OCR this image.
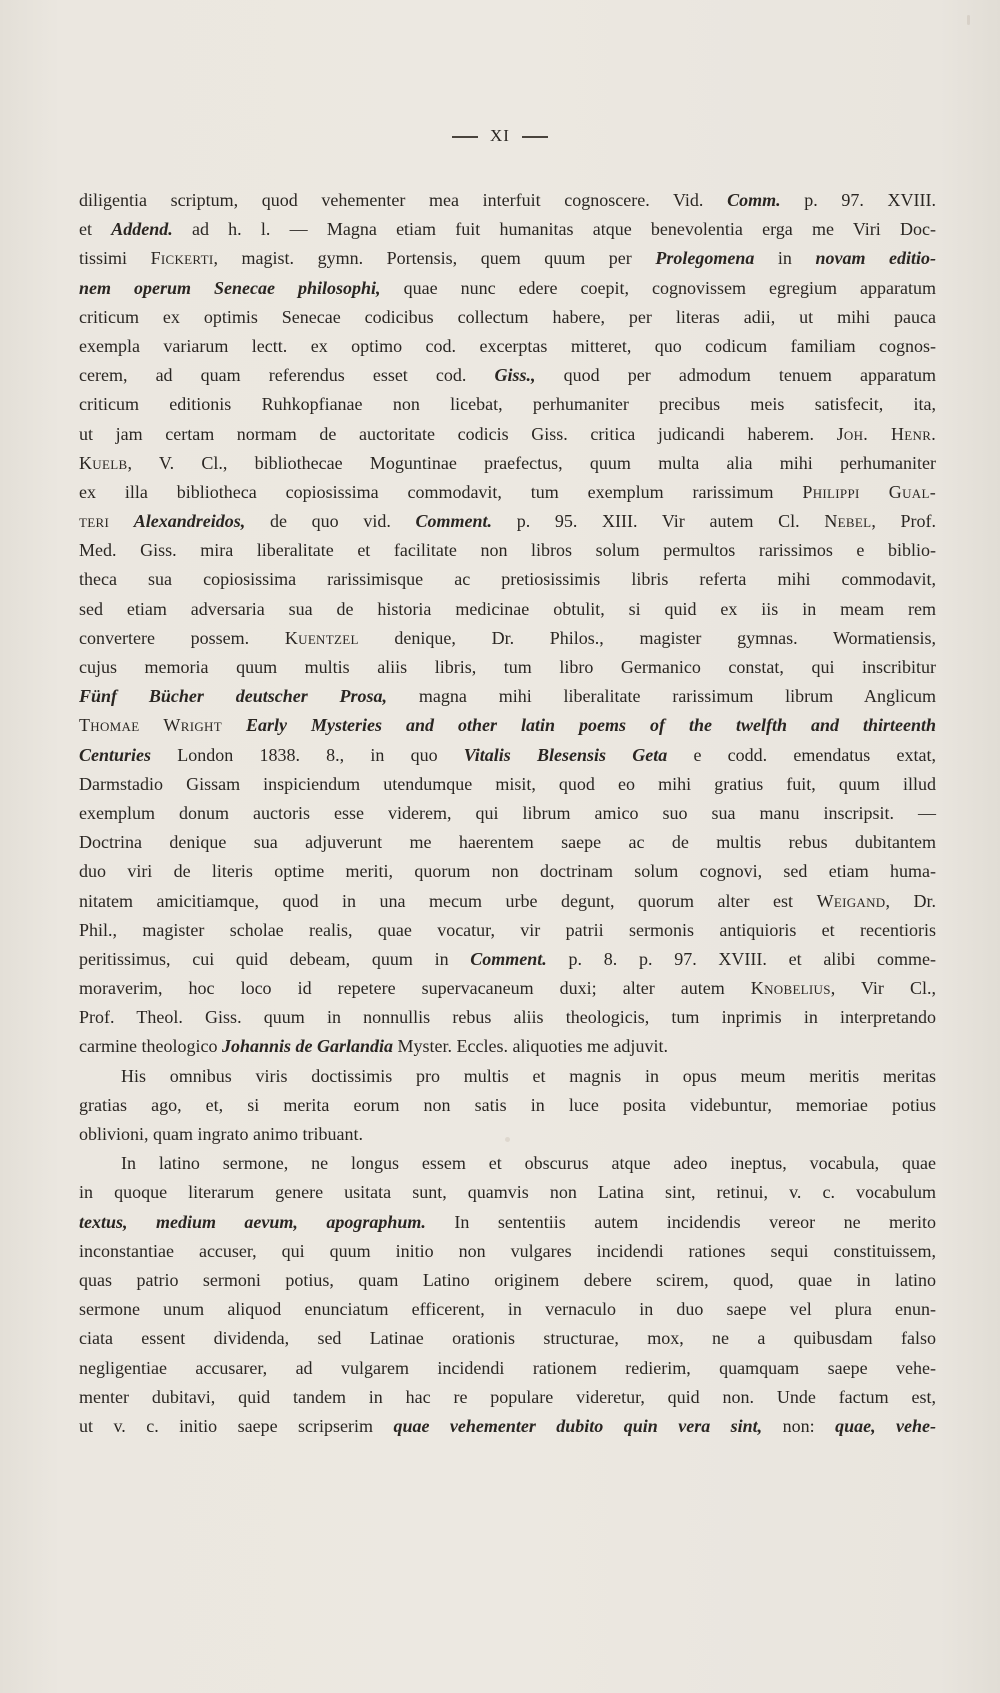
XI
diligentia scriptum, quod vehementer mea interfuit cognoscere. Vid. Comm. p. 97. XVIII.
et Addend. ad h. l. — Magna etiam fuit humanitas atque benevolentia erga me Viri Doc-
tissimi Fickerti, magist. gymn. Portensis, quem quum per Prolegomena in novam editio-
nem operum Senecae philosophi, quae nunc edere coepit, cognovissem egregium apparatum
criticum ex optimis Senecae codicibus collectum habere, per literas adii, ut mihi pauca
exempla variarum lectt. ex optimo cod. excerptas mitteret, quo codicum familiam cognos-
cerem, ad quam referendus esset cod. Giss., quod per admodum tenuem apparatum
criticum editionis Ruhkopfianae non licebat, perhumaniter precibus meis satisfecit, ita,
ut jam certam normam de auctoritate codicis Giss. critica judicandi haberem. Joh. Henr.
Kuelb, V. Cl., bibliothecae Moguntinae praefectus, quum multa alia mihi perhumaniter
ex illa bibliotheca copiosissima commodavit, tum exemplum rarissimum Philippi Gual-
teri Alexandreidos, de quo vid. Comment. p. 95. XIII. Vir autem Cl. Nebel, Prof.
Med. Giss. mira liberalitate et facilitate non libros solum permultos rarissimos e biblio-
theca sua copiosissima rarissimisque ac pretiosissimis libris referta mihi commodavit,
sed etiam adversaria sua de historia medicinae obtulit, si quid ex iis in meam rem
convertere possem. Kuentzel denique, Dr. Philos., magister gymnas. Wormatiensis,
cujus memoria quum multis aliis libris, tum libro Germanico constat, qui inscribitur
Fünf Bücher deutscher Prosa, magna mihi liberalitate rarissimum librum Anglicum
Thomae Wright Early Mysteries and other latin poems of the twelfth and thirteenth
Centuries London 1838. 8., in quo Vitalis Blesensis Geta e codd. emendatus extat,
Darmstadio Gissam inspiciendum utendumque misit, quod eo mihi gratius fuit, quum illud
exemplum donum auctoris esse viderem, qui librum amico suo sua manu inscripsit. —
Doctrina denique sua adjuverunt me haerentem saepe ac de multis rebus dubitantem
duo viri de literis optime meriti, quorum non doctrinam solum cognovi, sed etiam huma-
nitatem amicitiamque, quod in una mecum urbe degunt, quorum alter est Weigand, Dr.
Phil., magister scholae realis, quae vocatur, vir patrii sermonis antiquioris et recentioris
peritissimus, cui quid debeam, quum in Comment. p. 8. p. 97. XVIII. et alibi comme-
moraverim, hoc loco id repetere supervacaneum duxi; alter autem Knobelius, Vir Cl.,
Prof. Theol. Giss. quum in nonnullis rebus aliis theologicis, tum inprimis in interpretando
carmine theologico Johannis de Garlandia Myster. Eccles. aliquoties me adjuvit.
His omnibus viris doctissimis pro multis et magnis in opus meum meritis meritas
gratias ago, et, si merita eorum non satis in luce posita videbuntur, memoriae potius
oblivioni, quam ingrato animo tribuant.
In latino sermone, ne longus essem et obscurus atque adeo ineptus, vocabula, quae
in quoque literarum genere usitata sunt, quamvis non Latina sint, retinui, v. c. vocabulum
textus, medium aevum, apographum. In sententiis autem incidendis vereor ne merito
inconstantiae accuser, qui quum initio non vulgares incidendi rationes sequi constituissem,
quas patrio sermoni potius, quam Latino originem debere scirem, quod, quae in latino
sermone unum aliquod enunciatum efficerent, in vernaculo in duo saepe vel plura enun-
ciata essent dividenda, sed Latinae orationis structurae, mox, ne a quibusdam falso
negligentiae accusarer, ad vulgarem incidendi rationem redierim, quamquam saepe vehe-
menter dubitavi, quid tandem in hac re populare videretur, quid non. Unde factum est,
ut v. c. initio saepe scripserim quae vehementer dubito quin vera sint, non: quae, vehe-
